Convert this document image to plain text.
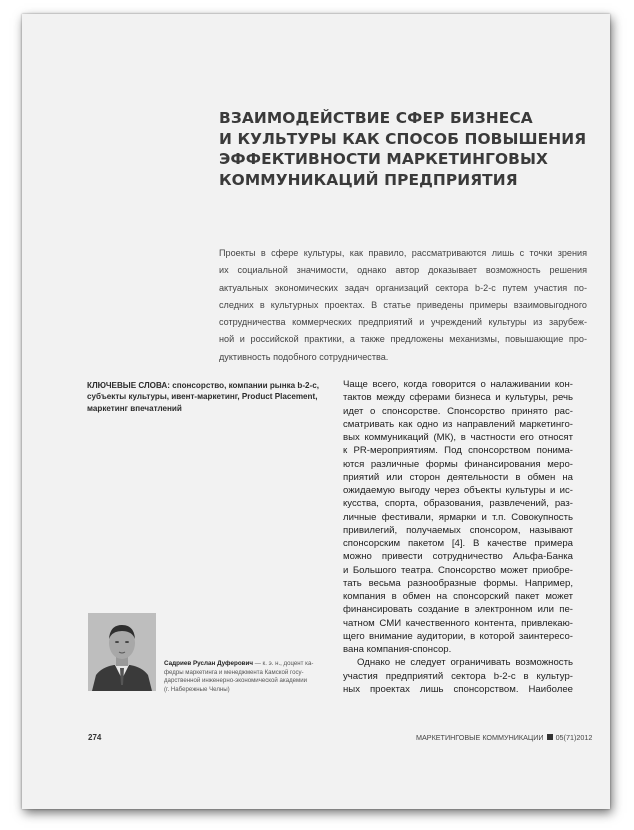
ВЗАИМОДЕЙСТВИЕ СФЕР БИЗНЕСА
И КУЛЬТУРЫ КАК СПОСОБ ПОВЫШЕНИЯ
ЭФФЕКТИВНОСТИ МАРКЕТИНГОВЫХ
КОММУНИКАЦИЙ ПРЕДПРИЯТИЯ
Проекты в сфере культуры, как правило, рассматриваются лишь с точки зрения
их социальной значимости, однако автор доказывает возможность решения
актуальных экономических задач организаций сектора b-2-c путем участия по-
следних в культурных проектах. В статье приведены примеры взаимовыгодного
сотрудничества коммерческих предприятий и учреждений культуры из зарубеж-
ной и российской практики, а также предложены механизмы, повышающие про-
дуктивность подобного сотрудничества.
КЛЮЧЕВЫЕ СЛОВА: спонсорство, компании рынка b-2-c,
субъекты культуры, ивент-маркетинг, Product Placement,
маркетинг впечатлений
Чаще всего, когда говорится о налаживании кон-
тактов между сферами бизнеса и культуры, речь
идет о спонсорстве. Спонсорство принято рас-
сматривать как одно из направлений маркетинго-
вых коммуникаций (МК), в частности его относят
к PR-мероприятиям. Под спонсорством понима-
ются различные формы финансирования меро-
приятий или сторон деятельности в обмен на
ожидаемую выгоду через объекты культуры и ис-
кусства, спорта, образования, развлечений, раз-
личные фестивали, ярмарки и т.п. Совокупность
привилегий, получаемых спонсором, называют
спонсорским пакетом [4]. В качестве примера
можно привести сотрудничество Альфа-Банка
и Большого театра. Спонсорство может приобре-
тать весьма разнообразные формы. Например,
компания в обмен на спонсорский пакет может
финансировать создание в электронном или пе-
чатном СМИ качественного контента, привлекаю-
щего внимание аудитории, в которой заинтересо-
вана компания-спонсор.
Однако не следует ограничивать возможность
участия предприятий сектора b-2-c в культур-
ных проектах лишь спонсорством. Наиболее
Садриев Руслан Дуферович — к. э. н., доцент ка-
федры маркетинга и менеджмента Камской госу-
дарственной инженерно-экономической академии
(г. Набережные Челны)
274	МАРКЕТИНГОВЫЕ КОММУНИКАЦИИ 05(71)2012
